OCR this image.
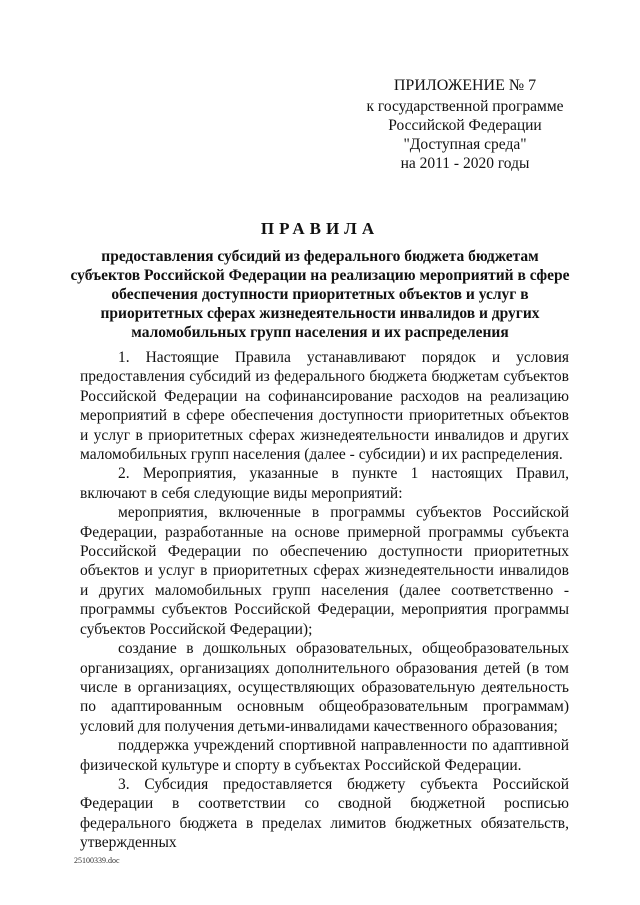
ПРИЛОЖЕНИЕ № 7
к государственной программе
Российской Федерации
"Доступная среда"
на 2011 - 2020 годы
ПРАВИЛА
предоставления субсидий из федерального бюджета бюджетам субъектов Российской Федерации на реализацию мероприятий в сфере обеспечения доступности приоритетных объектов и услуг в приоритетных сферах жизнедеятельности инвалидов и других маломобильных групп населения и их распределения

1. Настоящие Правила устанавливают порядок и условия предоставления субсидий из федерального бюджета бюджетам субъектов Российской Федерации на софинансирование расходов на реализацию мероприятий в сфере обеспечения доступности приоритетных объектов и услуг в приоритетных сферах жизнедеятельности инвалидов и других маломобильных групп населения (далее - субсидии) и их распределения.

2. Мероприятия, указанные в пункте 1 настоящих Правил, включают в себя следующие виды мероприятий:

мероприятия, включенные в программы субъектов Российской Федерации, разработанные на основе примерной программы субъекта Российской Федерации по обеспечению доступности приоритетных объектов и услуг в приоритетных сферах жизнедеятельности инвалидов и других маломобильных групп населения (далее соответственно - программы субъектов Российской Федерации, мероприятия программы субъектов Российской Федерации);

создание в дошкольных образовательных, общеобразовательных организациях, организациях дополнительного образования детей (в том числе в организациях, осуществляющих образовательную деятельность по адаптированным основным общеобразовательным программам) условий для получения детьми-инвалидами качественного образования;

поддержка учреждений спортивной направленности по адаптивной физической культуре и спорту в субъектах Российской Федерации.

3. Субсидия предоставляется бюджету субъекта Российской Федерации в соответствии со сводной бюджетной росписью федерального бюджета в пределах лимитов бюджетных обязательств, утвержденных

25100339.doc
